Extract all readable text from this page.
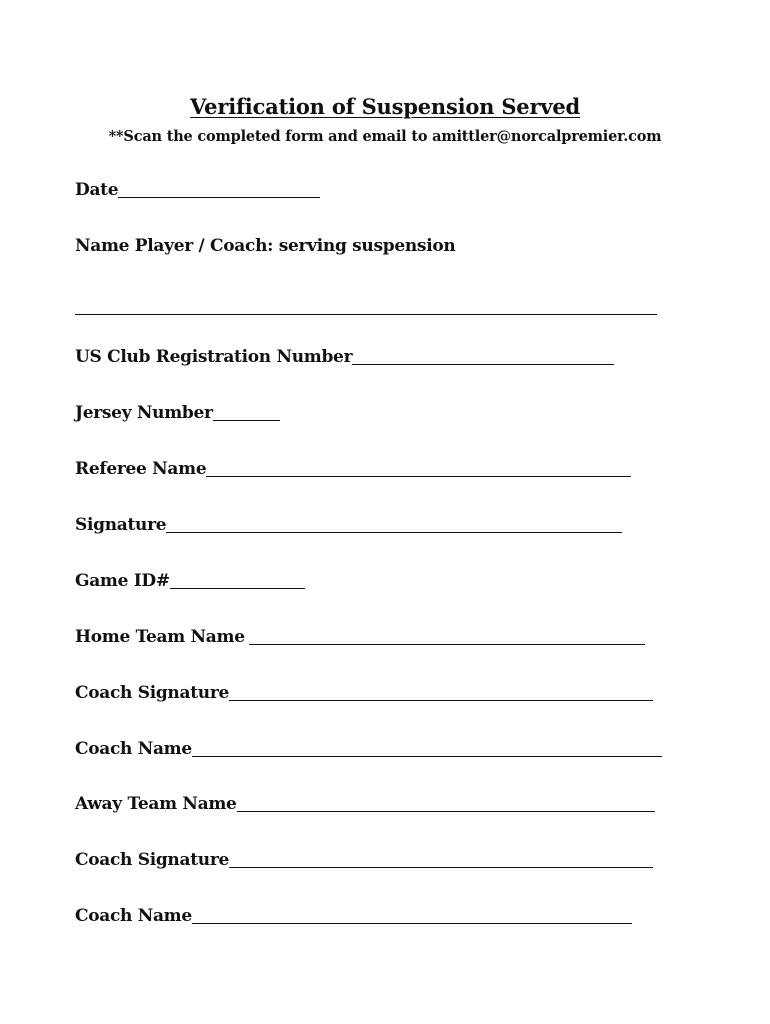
Verification of Suspension Served
**Scan the completed form and email to amittler@norcalpremier.com
Date
Name Player / Coach: serving suspension
US Club Registration Number
Jersey Number
Referee Name
Signature
Game ID#
Home Team Name
Coach Signature
Coach Name
Away Team Name
Coach Signature
Coach Name
